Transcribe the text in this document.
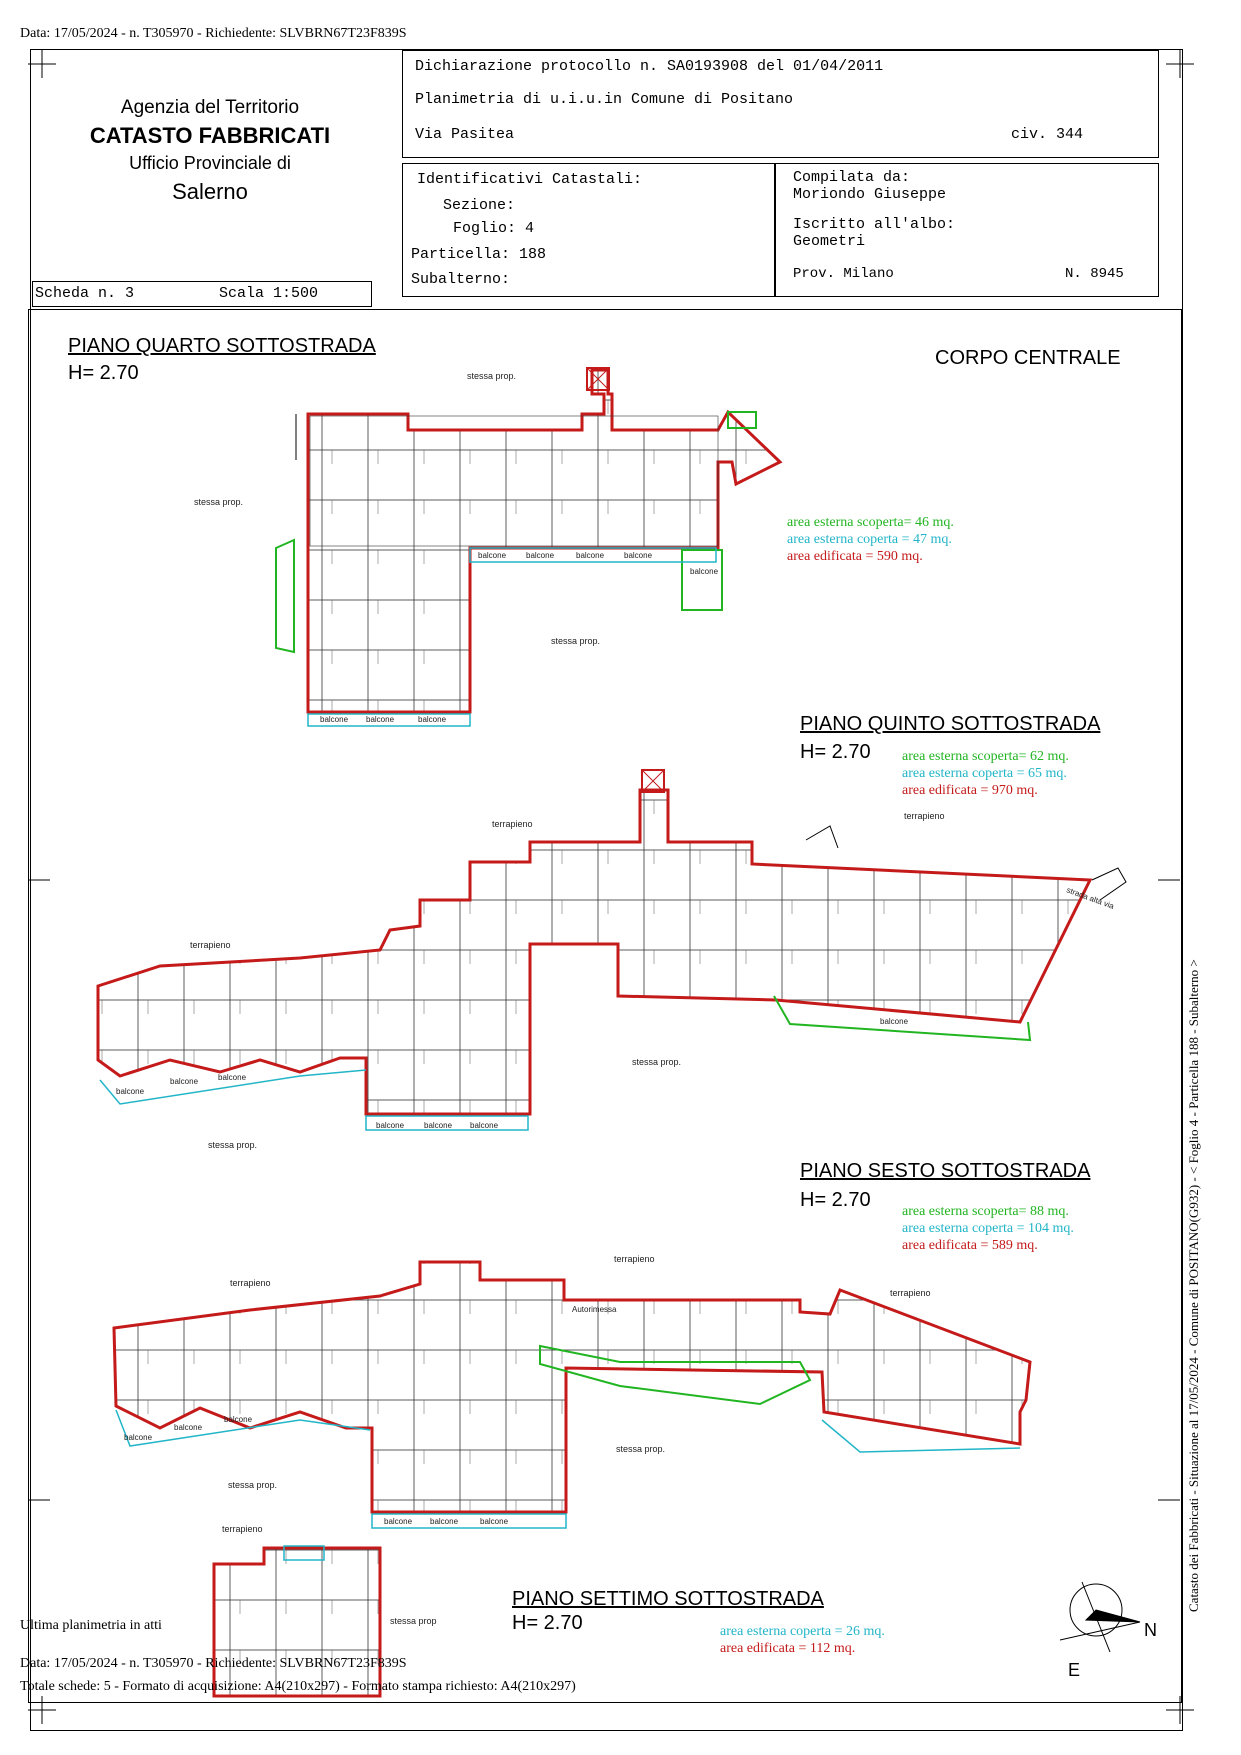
Data: 17/05/2024 - n. T305970 - Richiedente: SLVBRN67T23F839S
Agenzia del Territorio
CATASTO FABBRICATI
Ufficio Provinciale di
Salerno
Scheda n. 3	Scala 1:500
Dichiarazione protocollo n. SA0193908 del 01/04/2011
Planimetria di u.i.u.in Comune di Positano
Via Pasitea	civ. 344
Identificativi Catastali:
Sezione:
Foglio: 4
Particella: 188
Subalterno:
Compilata da:
Moriondo Giuseppe
Iscritto all'albo:
Geometri
Prov. Milano	N. 8945
CORPO CENTRALE
PIANO QUARTO SOTTOSTRADA
H= 2.70
area esterna scoperta= 46 mq.
area esterna coperta = 47 mq.
area edificata = 590 mq.
PIANO QUINTO SOTTOSTRADA
H= 2.70 area esterna scoperta= 62 mq.
area esterna coperta = 65 mq.
area edificata = 970 mq.
PIANO SESTO SOTTOSTRADA
H= 2.70
area esterna scoperta= 88 mq.
area esterna coperta = 104 mq.
area edificata = 589 mq.
PIANO SETTIMO SOTTOSTRADA
H= 2.70	area esterna coperta = 26 mq.
area edificata = 112 mq.
stessa prop.
stessa prop.
stessa prop.
terrapieno
terrapieno
terrapieno
stessa prop.
stessa prop.
terrapieno
terrapieno
terrapieno
stessa prop.
stessa prop.
terrapieno
stessa prop
balcone balcone	balcone
balcone balcone	balcone balcone
balcone
balcone
balcone balcone balcone
balcone
balcone balcone
balcone balcone	balcone
balcone
balcone
balcone
Autorimessa
strada alta via
N
E
Catasto dei Fabbricati - Situazione al 17/05/2024 - Comune di POSITANO(G932) - < Foglio 4 - Particella 188 - Subalterno >
Ultima planimetria in atti
Data: 17/05/2024 - n. T305970 - Richiedente: SLVBRN67T23F839S
Totale schede: 5 - Formato di acquisizione: A4(210x297) - Formato stampa richiesto: A4(210x297)
